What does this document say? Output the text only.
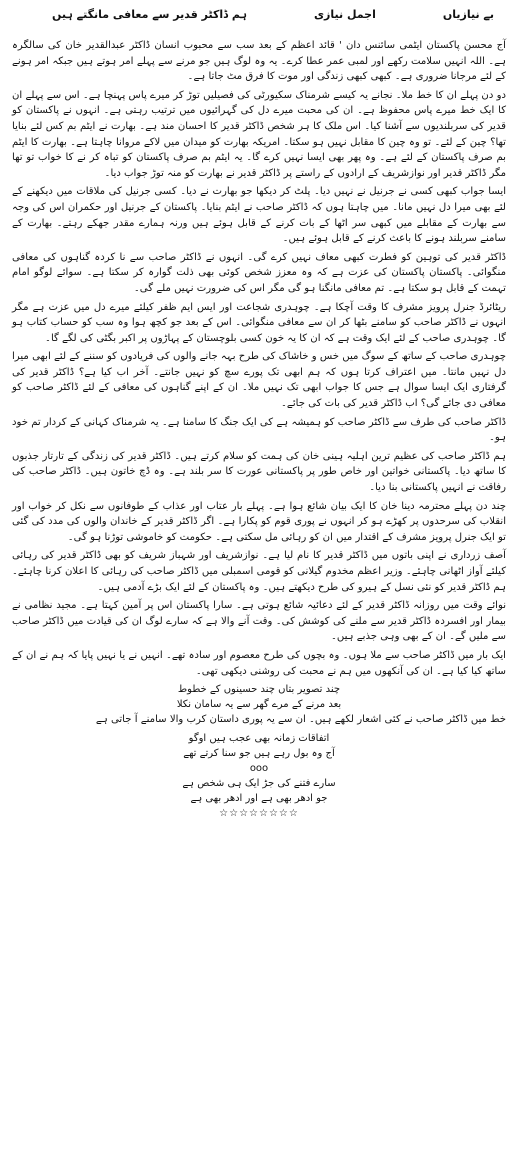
بے نیازیاں
اجمل نیازی
ہم ڈاکٹر قدیر سے معافی مانگتے ہیں

آج محسن پاکستان ایٹمی سائنس دان ' قائد اعظم کے بعد سب سے محبوب انسان ڈاکٹر عبدالقدیر خان کی سالگرہ ہے۔ اللہ انہیں سلامت رکھے اور لمبی عمر عطا کرے۔ یہ وہ لوگ ہیں جو مرنے سے پہلے امر ہوتے ہیں جبکہ امر ہونے کے لئے مرجانا ضروری ہے۔ کبھی کبھی زندگی اور موت کا فرق مٹ جاتا ہے۔

دو دن پہلے ان کا خط ملا۔ نجانے یہ کیسے شرمناک سکیورٹی کی فصیلیں توڑ کر میرے پاس پہنچا ہے۔ اس سے پہلے ان کا ایک خط میرے پاس محفوظ ہے۔ ان کی محبت میرے دل کی گہرائیوں میں ترتیب رہتی ہے۔ انہوں نے پاکستان کو قدیر کی سربلندیوں سے آشنا کیا۔ اس ملک کا ہر شخص ڈاکٹر قدیر کا احسان مند ہے۔ بھارت نے ایٹم بم کس لئے بنایا تھا؟ چین کے لئے۔ تو وہ چین کا مقابل نہیں ہو سکتا۔ امریکہ بھارت کو میدان میں لاکے مروانا چاہتا ہے۔ بھارت کا ایٹم بم صرف پاکستان کے لئے ہے۔ وہ پھر بھی ایسا نہیں کرے گا۔ یہ ایٹم بم صرف پاکستان کو تباہ کر نے کا خواب تو تھا مگر ڈاکٹر قدیر اور نوازشریف کے ارادوں کے راستے پر ڈاکٹر قدیر نے بھارت کو منہ توڑ جواب دیا۔

ایسا جواب کبھی کسی نے جرنیل نے نہیں دیا۔ پلٹ کر دیکھا جو بھارت نے دیا۔ کسی جرنیل کی ملاقات میں دیکھنے کے لئے بھی میرا دل نہیں مانا۔ میں چاہتا ہوں کہ ڈاکٹر صاحب نے ایٹم بنایا۔ پاکستان کے جرنیل اور حکمران اس کی وجہ سے بھارت کے مقابلے میں کبھی سر اٹھا کے بات کرنے کے قابل ہوئے ہیں ورنہ ہمارے مقدر جھکے رہتے۔ بھارت کے سامنے سربلند ہونے کا باعث کرنے کے قابل ہوئے ہیں۔

ڈاکٹر قدیر کی توہین کو فطرت کبھی معاف نہیں کرے گی۔ انہوں نے ڈاکٹر صاحب سے نا کردہ گناہوں کی معافی منگوائی۔ پاکستان پاکستان کی عزت ہے کہ وہ معزز شخص کوئی بھی ذلت گوارہ کر سکتا ہے۔ سوائے لوگو امام تہمت کے قابل ہو سکتا ہے۔ تم معافی مانگنا ہو گی مگر اس کی ضرورت نہیں ملے گی۔

ریٹائرڈ جنرل پرویز مشرف کا وقت آچکا ہے۔ چوہدری شجاعت اور ایس ایم ظفر کیلئے میرے دل میں عزت ہے مگر انہوں نے ڈاکٹر صاحب کو سامنے بٹھا کر ان سے معافی منگوائی۔ اس کے بعد جو کچھ ہوا وہ سب کو حساب کتاب ہو گا۔ چوہدری صاحب کے لئے ایک وقت ہے کہ ان کا یہ خون کسی بلوچستان کے پہاڑوں پر اکبر بگٹی کی لگے گا۔

چوہدری صاحب کے ساتھ کے سوگ میں خس و خاشاک کی طرح بہہ جانے والوں کی فریادوں کو سننے کے لئے ابھی میرا دل نہیں مانتا۔ میں اعتراف کرتا ہوں کہ ہم ابھی تک پورے سچ کو نہیں جانتے۔ آخر اب کیا ہے؟ ڈاکٹر قدیر کی گرفتاری ایک ایسا سوال ہے جس کا جواب ابھی تک نہیں ملا۔ ان کے اپنے گناہوں کی معافی کے لئے ڈاکٹر صاحب کو معافی دی جائے گی؟ اب ڈاکٹر قدیر کی بات کی جائے۔

ڈاکٹر صاحب کی طرف سے ڈاکٹر صاحب کو ہمیشہ ہے کی ایک جنگ کا سامنا ہے۔ یہ شرمناک کہانی کے کردار تم خود ہو۔

ہم ڈاکٹر صاحب کی عظیم ترین اہلیہ ہینی خان کی ہمت کو سلام کرتے ہیں۔ ڈاکٹر قدیر کی زندگی کے تارتار جذبوں کا ساتھ دیا۔ پاکستانی خواتین اور خاص طور پر پاکستانی عورت کا سر بلند ہے۔ وہ ڈچ خاتون ہیں۔ ڈاکٹر صاحب کی رفاقت نے انہیں پاکستانی بنا دیا۔

چند دن پہلے محترمہ دینا خان کا ایک بیان شائع ہوا ہے۔ پہلے بار عتاب اور عذاب کے طوفانوں سے نکل کر خواب اور انقلاب کی سرحدوں پر کھڑے ہو کر انہوں نے پوری قوم کو پکارا ہے۔ اگر ڈاکٹر قدیر کے خاندان والوں کی مدد کی گئی تو ایک جنرل پرویز مشرف کے اقتدار میں ان کو رہائی مل سکتی ہے۔ حکومت کو خاموشی توڑنا ہو گی۔

آصف زرداری نے اپنی باتوں میں ڈاکٹر قدیر کا نام لیا ہے۔ نوازشریف اور شہباز شریف کو بھی ڈاکٹر قدیر کی رہائی کیلئے آواز اٹھانی چاہئے۔ وزیر اعظم مخدوم گیلانی کو قومی اسمبلی میں ڈاکٹر صاحب کی رہائی کا اعلان کرنا چاہئے۔ ہم ڈاکٹر قدیر کو نئی نسل کے ہیرو کی طرح دیکھتے ہیں۔ وہ پاکستان کے لئے ایک بڑے آدمی ہیں۔

نوائے وقت میں روزانہ ڈاکٹر قدیر کے لئے دعائیہ شائع ہوتی ہے۔ سارا پاکستان اس پر آمین کہتا ہے۔ مجید نظامی نے بیمار اور افسردہ ڈاکٹر قدیر سے ملنے کی کوشش کی۔ وقت آنے والا ہے کہ سارے لوگ ان کی قیادت میں ڈاکٹر صاحب سے ملیں گے۔ ان کے بھی وہی جذبے ہیں۔

ایک بار میں ڈاکٹر صاحب سے ملا ہوں۔ وہ بچوں کی طرح معصوم اور سادہ تھے۔ انہیں نے یا نہیں پایا کہ ہم نے ان کے ساتھ کیا کیا ہے۔ ان کی آنکھوں میں ہم نے محبت کی روشنی دیکھی تھی۔

چند تصویر بتاں چند حسینوں کے خطوط
بعد مرنے کے مرے گھر سے یہ سامان نکلا

خط میں ڈاکٹر صاحب نے کئی اشعار لکھے ہیں۔ ان سے یہ پوری داستان کرب والا سامنے آ جاتی ہے

اتفاقات زمانہ بھی عجب ہیں اوگو
آج وہ بول رہے ہیں جو سنا کرتے تھے
ooo
سارے فتنے کی جڑ ایک ہی شخص ہے
جو ادھر بھی ہے اور ادھر بھی ہے
☆☆☆☆☆☆☆☆
